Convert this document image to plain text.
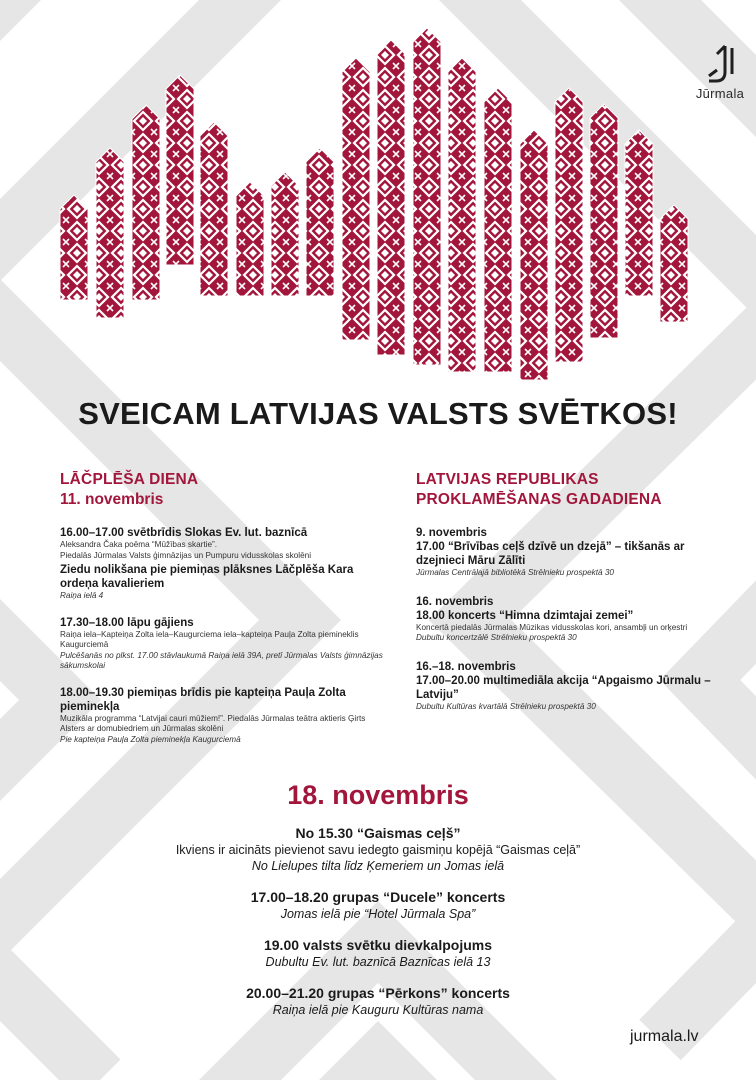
Jūrmala
SVEICAM LATVIJAS VALSTS SVĒTKOS!
LĀČPLĒŠA DIENA
11. novembris
16.00–17.00 svētbrīdis Slokas Ev. lut. baznīcā
Aleksandra Čaka poēma “Mūžības skartie”.
Piedalās Jūrmalas Valsts ģimnāzijas un Pumpuru vidusskolas skolēni
Ziedu nolikšana pie piemiņas plāksnes Lāčplēša Kara ordeņa kavalieriem
Raiņa ielā 4
17.30–18.00 lāpu gājiens
Raiņa iela–Kapteiņa Zolta iela–Kaugurciema iela–kapteiņa Pauļa Zolta piemineklis Kaugurciemā
Pulcēšanās no plkst. 17.00 stāvlaukumā Raiņa ielā 39A, pretī Jūrmalas Valsts ģimnāzijas sākumskolai
18.00–19.30 piemiņas brīdis pie kapteiņa Pauļa Zolta pieminekļa
Muzikāla programma “Latvijai cauri mūžiem!”. Piedalās Jūrmalas teātra aktieris Ģirts Alsters ar domubiedriem un Jūrmalas skolēni
Pie kapteiņa Pauļa Zolta pieminekļa Kaugurciemā
LATVIJAS REPUBLIKAS
PROKLAMĒŠANAS GADADIENA
9. novembris
17.00 “Brīvības ceļš dzīvē un dzejā” – tikšanās ar dzejnieci Māru Zālīti
Jūrmalas Centrālajā bibliotēkā Strēlnieku prospektā 30
16. novembris
18.00 koncerts “Himna dzimtajai zemei”
Koncertā piedalās Jūrmalas Mūzikas vidusskolas kori, ansambļi un orķestri
Dubultu koncertzālē Strēlnieku prospektā 30
16.–18. novembris
17.00–20.00 multimediāla akcija “Apgaismo Jūrmalu – Latviju”
Dubultu Kultūras kvartālā Strēlnieku prospektā 30
18. novembris
No 15.30 “Gaismas ceļš”
Ikviens ir aicināts pievienot savu iedegto gaismiņu kopējā “Gaismas ceļā”
No Lielupes tilta līdz Ķemeriem un Jomas ielā
17.00–18.20 grupas “Ducele” koncerts
Jomas ielā pie “Hotel Jūrmala Spa”
19.00 valsts svētku dievkalpojums
Dubultu Ev. lut. baznīcā Baznīcas ielā 13
20.00–21.20 grupas “Pērkons” koncerts
Raiņa ielā pie Kauguru Kultūras nama
jurmala.lv
